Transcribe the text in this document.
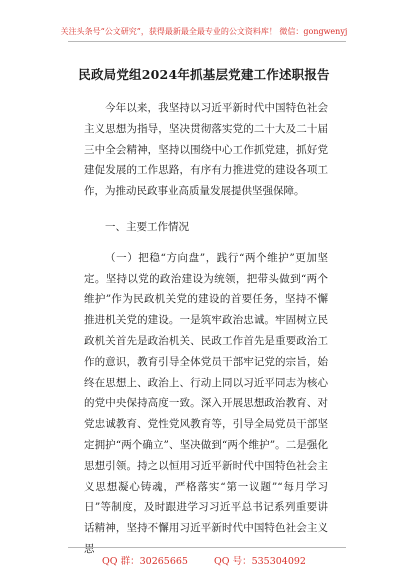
关注头条号“公文研究”，获得最新最全最专业的公文资料库！ 微信：gongwenyj
民政局党组2024年抓基层党建工作述职报告

今年以来，我坚持以习近平新时代中国特色社会主义思想为指导，坚决贯彻落实党的二十大及二十届三中全会精神，坚持以围绕中心工作抓党建，抓好党建促发展的工作思路，有序有力推进党的建设各项工作，为推动民政事业高质量发展提供坚强保障。

一、主要工作情况

（一）把稳“方向盘”，践行“两个维护”更加坚定。坚持以党的政治建设为统领，把带头做到“两个维护”作为民政机关党的建设的首要任务，坚持不懈推进机关党的建设。一是筑牢政治忠诚。牢固树立民政机关首先是政治机关、民政工作首先是重要政治工作的意识，教育引导全体党员干部牢记党的宗旨，始终在思想上、政治上、行动上同以习近平同志为核心的党中央保持高度一致。深入开展思想政治教育、对党忠诚教育、党性党风教育等，引导全局党员干部坚定拥护“两个确立”、坚决做到“两个维护”。二是强化思想引领。持之以恒用习近平新时代中国特色社会主义思想凝心铸魂，严格落实“第一议题”“每月学习日”等制度，及时跟进学习习近平总书记系列重要讲话精神，坚持不懈用习近平新时代中国特色社会主义思

QQ 群：30265665	QQ 号：535304092
